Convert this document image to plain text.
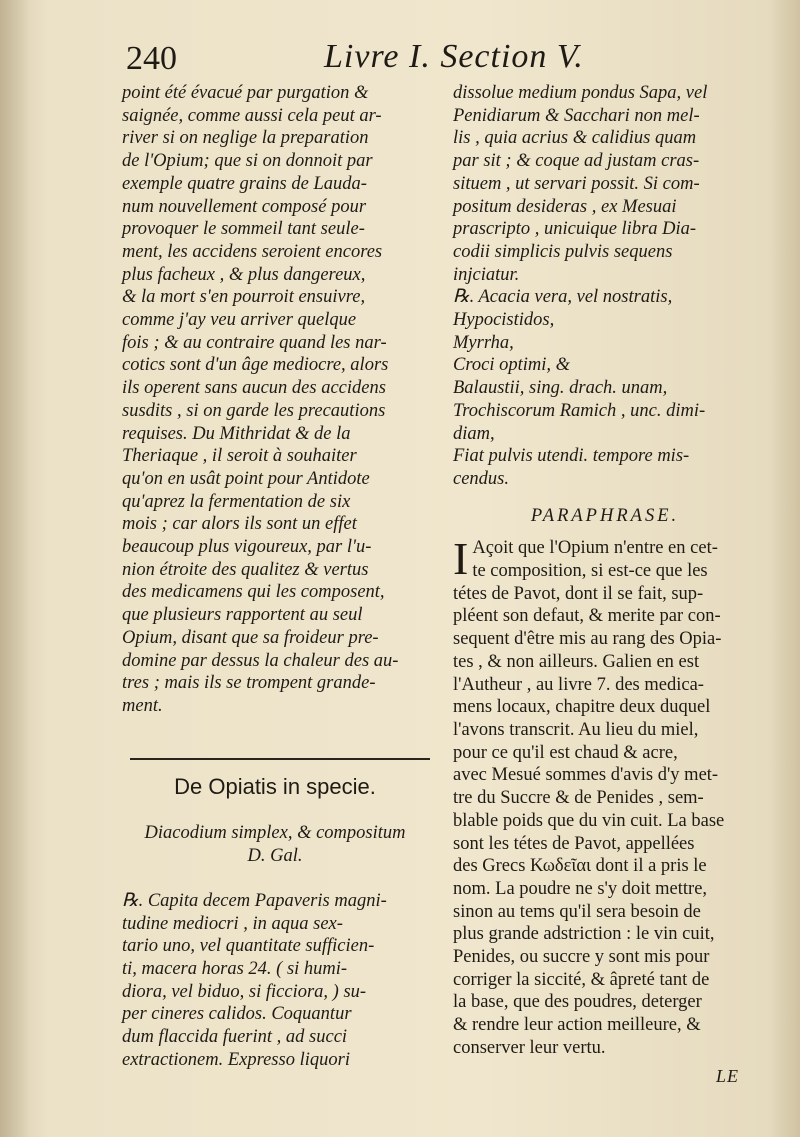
240	Livre I. Section V.
point été évacué par purgation &
saignée, comme aussi cela peut ar-
river si on neglige la preparation
de l'Opium; que si on donnoit par
exemple quatre grains de Lauda-
num nouvellement composé pour
provoquer le sommeil tant seule-
ment, les accidens seroient encores
plus facheux , & plus dangereux,
& la mort s'en pourroit ensuivre,
comme j'ay veu arriver quelque
fois ; & au contraire quand les nar-
cotics sont d'un âge mediocre, alors
ils operent sans aucun des accidens
susdits , si on garde les precautions
requises. Du Mithridat & de la
Theriaque , il seroit à souhaiter
qu'on en usât point pour Antidote
qu'aprez la fermentation de six
mois ; car alors ils sont un effet
beaucoup plus vigoureux, par l'u-
nion étroite des qualitez & vertus
des medicamens qui les composent,
que plusieurs rapportent au seul
Opium, disant que sa froideur pre-
domine par dessus la chaleur des au-
tres ; mais ils se trompent grande-
ment.
De Opiatis in specie.
Diacodium simplex, & compositum
D. Gal.
℞. Capita decem Papaveris magni-
tudine mediocri , in aqua sex-
tario uno, vel quantitate sufficien-
ti, macera horas 24. ( si humi-
diora, vel biduo, si ficciora, ) su-
per cineres calidos. Coquantur
dum flaccida fuerint , ad succi
extractionem. Expresso liquori
dissolue medium pondus Sapa, vel
Penidiarum & Sacchari non mel-
lis , quia acrius & calidius quam
par sit ; & coque ad justam cras-
situem , ut servari possit. Si com-
positum desideras , ex Mesuai
prascripto , unicuique libra Dia-
codii simplicis pulvis sequens
injciatur.
℞. Acacia vera, vel nostratis,
Hypocistidos,
Myrrha,
Croci optimi, &
Balaustii, sing. drach. unam,
Trochiscorum Ramich , unc. dimi-
diam,
Fiat pulvis utendi. tempore mis-
cendus.
PARAPHRASE.
I Açoit que l'Opium n'entre en cet-
te composition, si est-ce que les
tétes de Pavot, dont il se fait, sup-
pléent son defaut, & merite par con-
sequent d'être mis au rang des Opia-
tes , & non ailleurs. Galien en est
l'Autheur , au livre 7. des medica-
mens locaux, chapitre deux duquel
l'avons transcrit. Au lieu du miel,
pour ce qu'il est chaud & acre,
avec Mesué sommes d'avis d'y met-
tre du Succre & de Penides , sem-
blable poids que du vin cuit. La base
sont les tétes de Pavot, appellées
des Grecs Κωδεῖαι dont il a pris le
nom. La poudre ne s'y doit mettre,
sinon au tems qu'il sera besoin de
plus grande adstriction : le vin cuit,
Penides, ou succre y sont mis pour
corriger la siccité, & âpreté tant de
la base, que des poudres, deterger
& rendre leur action meilleure, &
conserver leur vertu.
LE
